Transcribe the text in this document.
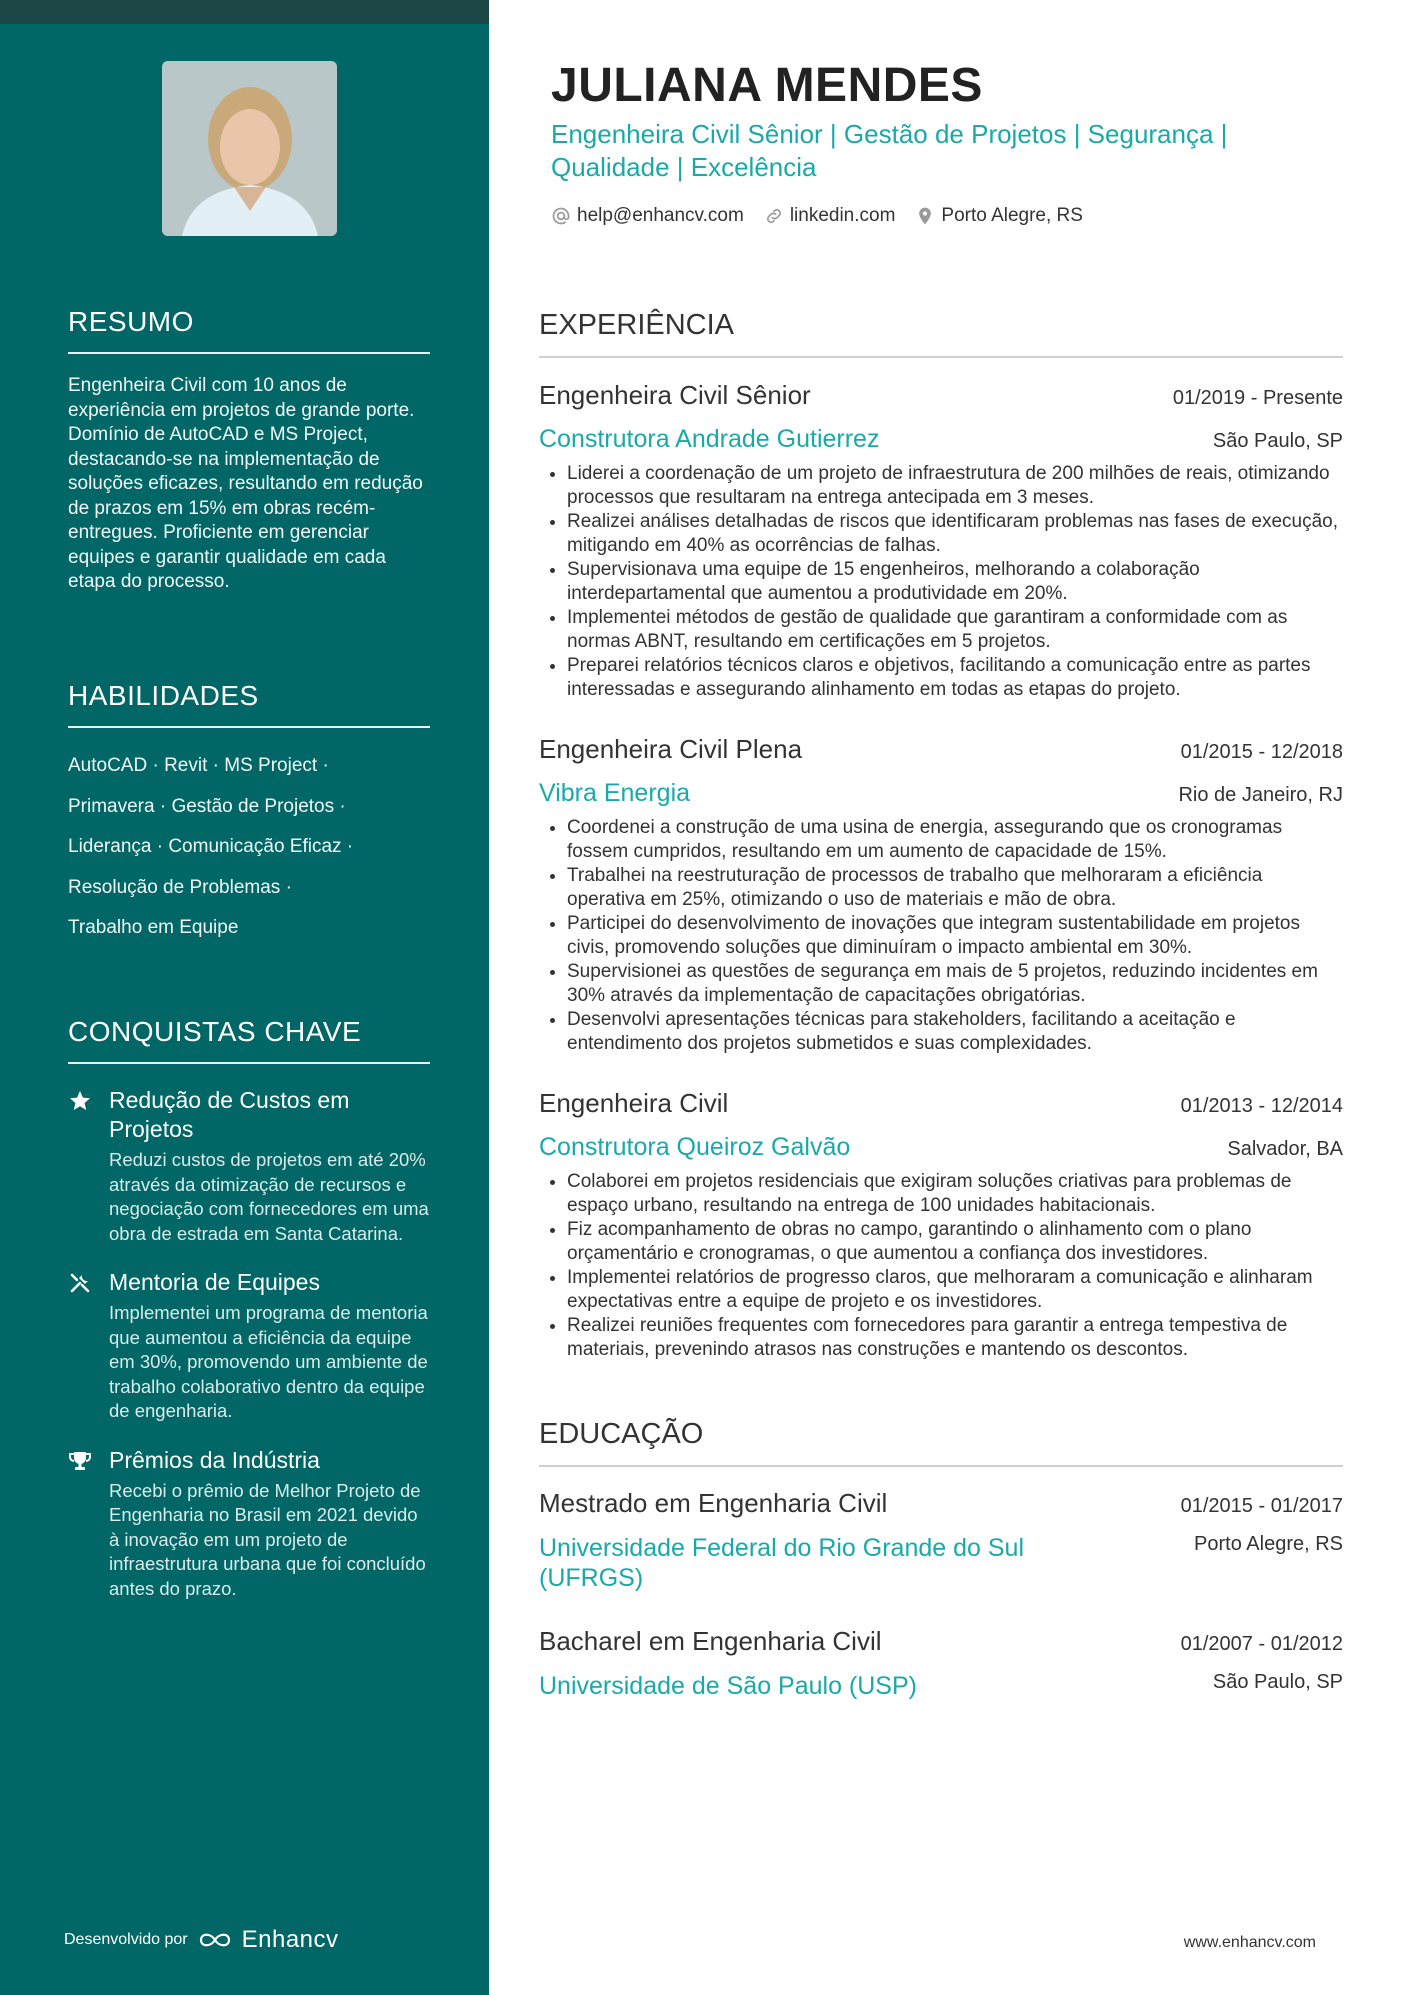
RESUMO
Engenheira Civil com 10 anos de experiência em projetos de grande porte. Domínio de AutoCAD e MS Project, destacando-se na implementação de soluções eficazes, resultando em redução de prazos em 15% em obras recém-entregues. Proficiente em gerenciar equipes e garantir qualidade em cada etapa do processo.
HABILIDADES
AutoCAD · Revit · MS Project ·
Primavera · Gestão de Projetos ·
Liderança · Comunicação Eficaz ·
Resolução de Problemas ·
Trabalho em Equipe
CONQUISTAS CHAVE
Redução de Custos em Projetos
Reduzi custos de projetos em até 20% através da otimização de recursos e negociação com fornecedores em uma obra de estrada em Santa Catarina.
Mentoria de Equipes
Implementei um programa de mentoria que aumentou a eficiência da equipe em 30%, promovendo um ambiente de trabalho colaborativo dentro da equipe de engenharia.
Prêmios da Indústria
Recebi o prêmio de Melhor Projeto de Engenharia no Brasil em 2021 devido à inovação em um projeto de infraestrutura urbana que foi concluído antes do prazo.
Desenvolvido por Enhancv
JULIANA MENDES
Engenheira Civil Sênior | Gestão de Projetos | Segurança | Qualidade | Excelência
help@enhancv.com linkedin.com Porto Alegre, RS
EXPERIÊNCIA
Engenheira Civil Sênior	01/2019 - Presente
Construtora Andrade Gutierrez	São Paulo, SP
• Liderei a coordenação de um projeto de infraestrutura de 200 milhões de reais, otimizando processos que resultaram na entrega antecipada em 3 meses.
• Realizei análises detalhadas de riscos que identificaram problemas nas fases de execução, mitigando em 40% as ocorrências de falhas.
• Supervisionava uma equipe de 15 engenheiros, melhorando a colaboração interdepartamental que aumentou a produtividade em 20%.
• Implementei métodos de gestão de qualidade que garantiram a conformidade com as normas ABNT, resultando em certificações em 5 projetos.
• Preparei relatórios técnicos claros e objetivos, facilitando a comunicação entre as partes interessadas e assegurando alinhamento em todas as etapas do projeto.
Engenheira Civil Plena	01/2015 - 12/2018
Vibra Energia	Rio de Janeiro, RJ
• Coordenei a construção de uma usina de energia, assegurando que os cronogramas fossem cumpridos, resultando em um aumento de capacidade de 15%.
• Trabalhei na reestruturação de processos de trabalho que melhoraram a eficiência operativa em 25%, otimizando o uso de materiais e mão de obra.
• Participei do desenvolvimento de inovações que integram sustentabilidade em projetos civis, promovendo soluções que diminuíram o impacto ambiental em 30%.
• Supervisionei as questões de segurança em mais de 5 projetos, reduzindo incidentes em 30% através da implementação de capacitações obrigatórias.
• Desenvolvi apresentações técnicas para stakeholders, facilitando a aceitação e entendimento dos projetos submetidos e suas complexidades.
Engenheira Civil	01/2013 - 12/2014
Construtora Queiroz Galvão	Salvador, BA
• Colaborei em projetos residenciais que exigiram soluções criativas para problemas de espaço urbano, resultando na entrega de 100 unidades habitacionais.
• Fiz acompanhamento de obras no campo, garantindo o alinhamento com o plano orçamentário e cronogramas, o que aumentou a confiança dos investidores.
• Implementei relatórios de progresso claros, que melhoraram a comunicação e alinharam expectativas entre a equipe de projeto e os investidores.
• Realizei reuniões frequentes com fornecedores para garantir a entrega tempestiva de materiais, prevenindo atrasos nas construções e mantendo os descontos.
EDUCAÇÃO
Mestrado em Engenharia Civil	01/2015 - 01/2017
Universidade Federal do Rio Grande do Sul (UFRGS)
Porto Alegre, RS
Bacharel em Engenharia Civil	01/2007 - 01/2012
Universidade de São Paulo (USP)	São Paulo, SP
www.enhancv.com
